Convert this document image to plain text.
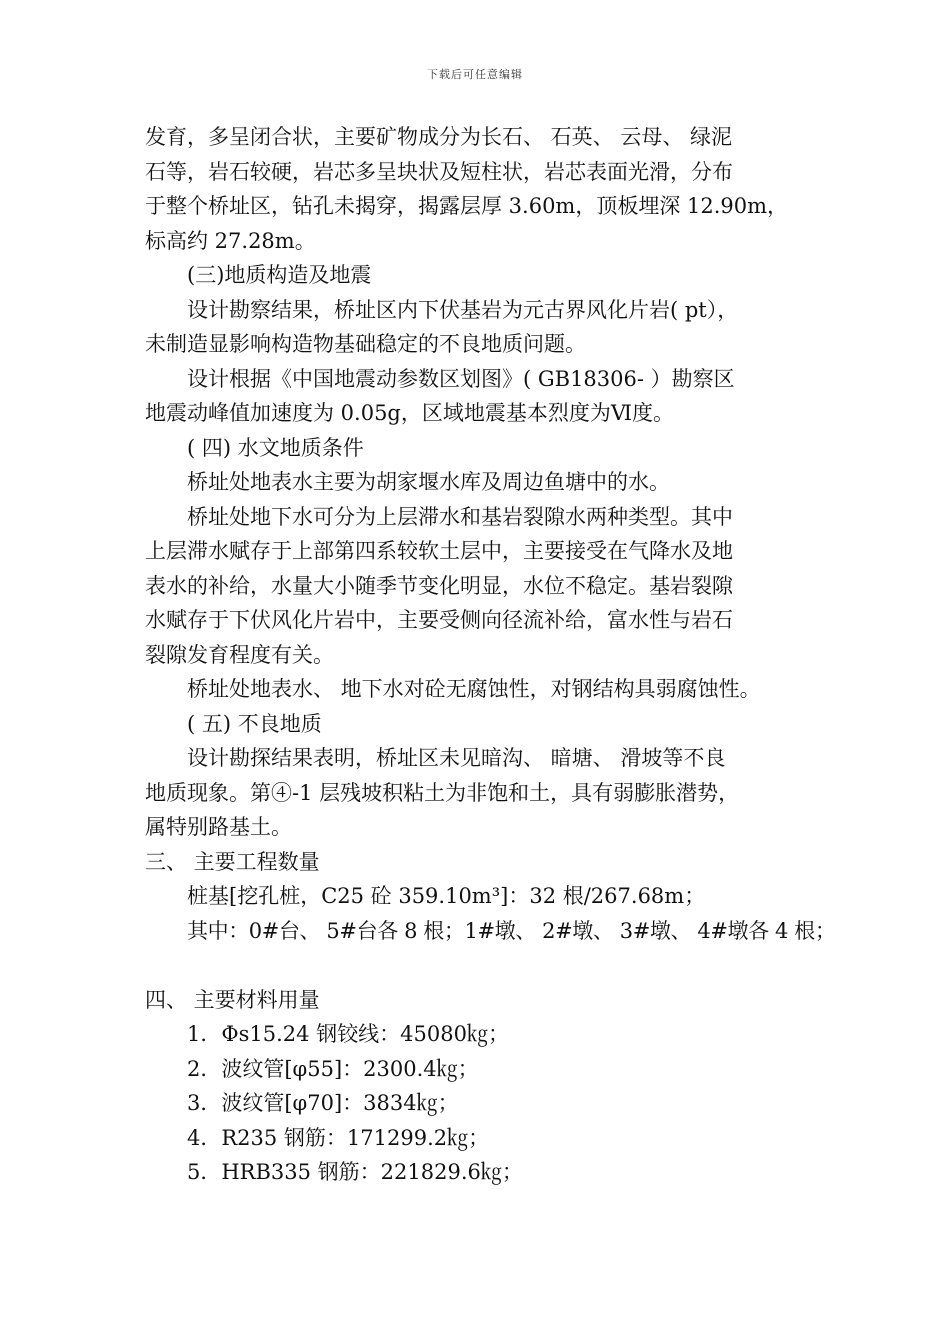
下载后可任意编辑
发育，多呈闭合状，主要矿物成分为长石、 石英、 云母、 绿泥
石等，岩石较硬，岩芯多呈块状及短柱状，岩芯表面光滑，分布
于整个桥址区，钻孔未揭穿，揭露层厚 3.60m，顶板埋深 12.90m，
标高约 27.28m。
(三)地质构造及地震
设计勘察结果，桥址区内下伏基岩为元古界风化片岩( pt），
未制造显影响构造物基础稳定的不良地质问题。
设计根据《中国地震动参数区划图》( GB18306- ）勘察区
地震动峰值加速度为 0.05g，区域地震基本烈度为Ⅵ度。
( 四) 水文地质条件
桥址处地表水主要为胡家堰水库及周边鱼塘中的水。
桥址处地下水可分为上层滞水和基岩裂隙水两种类型。其中
上层滞水赋存于上部第四系较软土层中，主要接受在气降水及地
表水的补给，水量大小随季节变化明显，水位不稳定。基岩裂隙
水赋存于下伏风化片岩中，主要受侧向径流补给，富水性与岩石
裂隙发育程度有关。
桥址处地表水、 地下水对砼无腐蚀性，对钢结构具弱腐蚀性。
( 五) 不良地质
设计勘探结果表明，桥址区未见暗沟、 暗塘、 滑坡等不良
地质现象。第④-1 层残坡积粘土为非饱和土，具有弱膨胀潜势，
属特别路基土。
三、 主要工程数量
桩基[挖孔桩，C25 砼 359.10m³]：32 根/267.68m；
其中：0#台、 5#台各 8 根；1#墩、 2#墩、 3#墩、 4#墩各 4 根；
四、 主要材料用量
1．Φs15.24 钢铰线：45080㎏；
2．波纹管[φ55]：2300.4㎏；
3．波纹管[φ70]：3834㎏；
4．R235 钢筋：171299.2㎏；
5．HRB335 钢筋：221829.6㎏；
